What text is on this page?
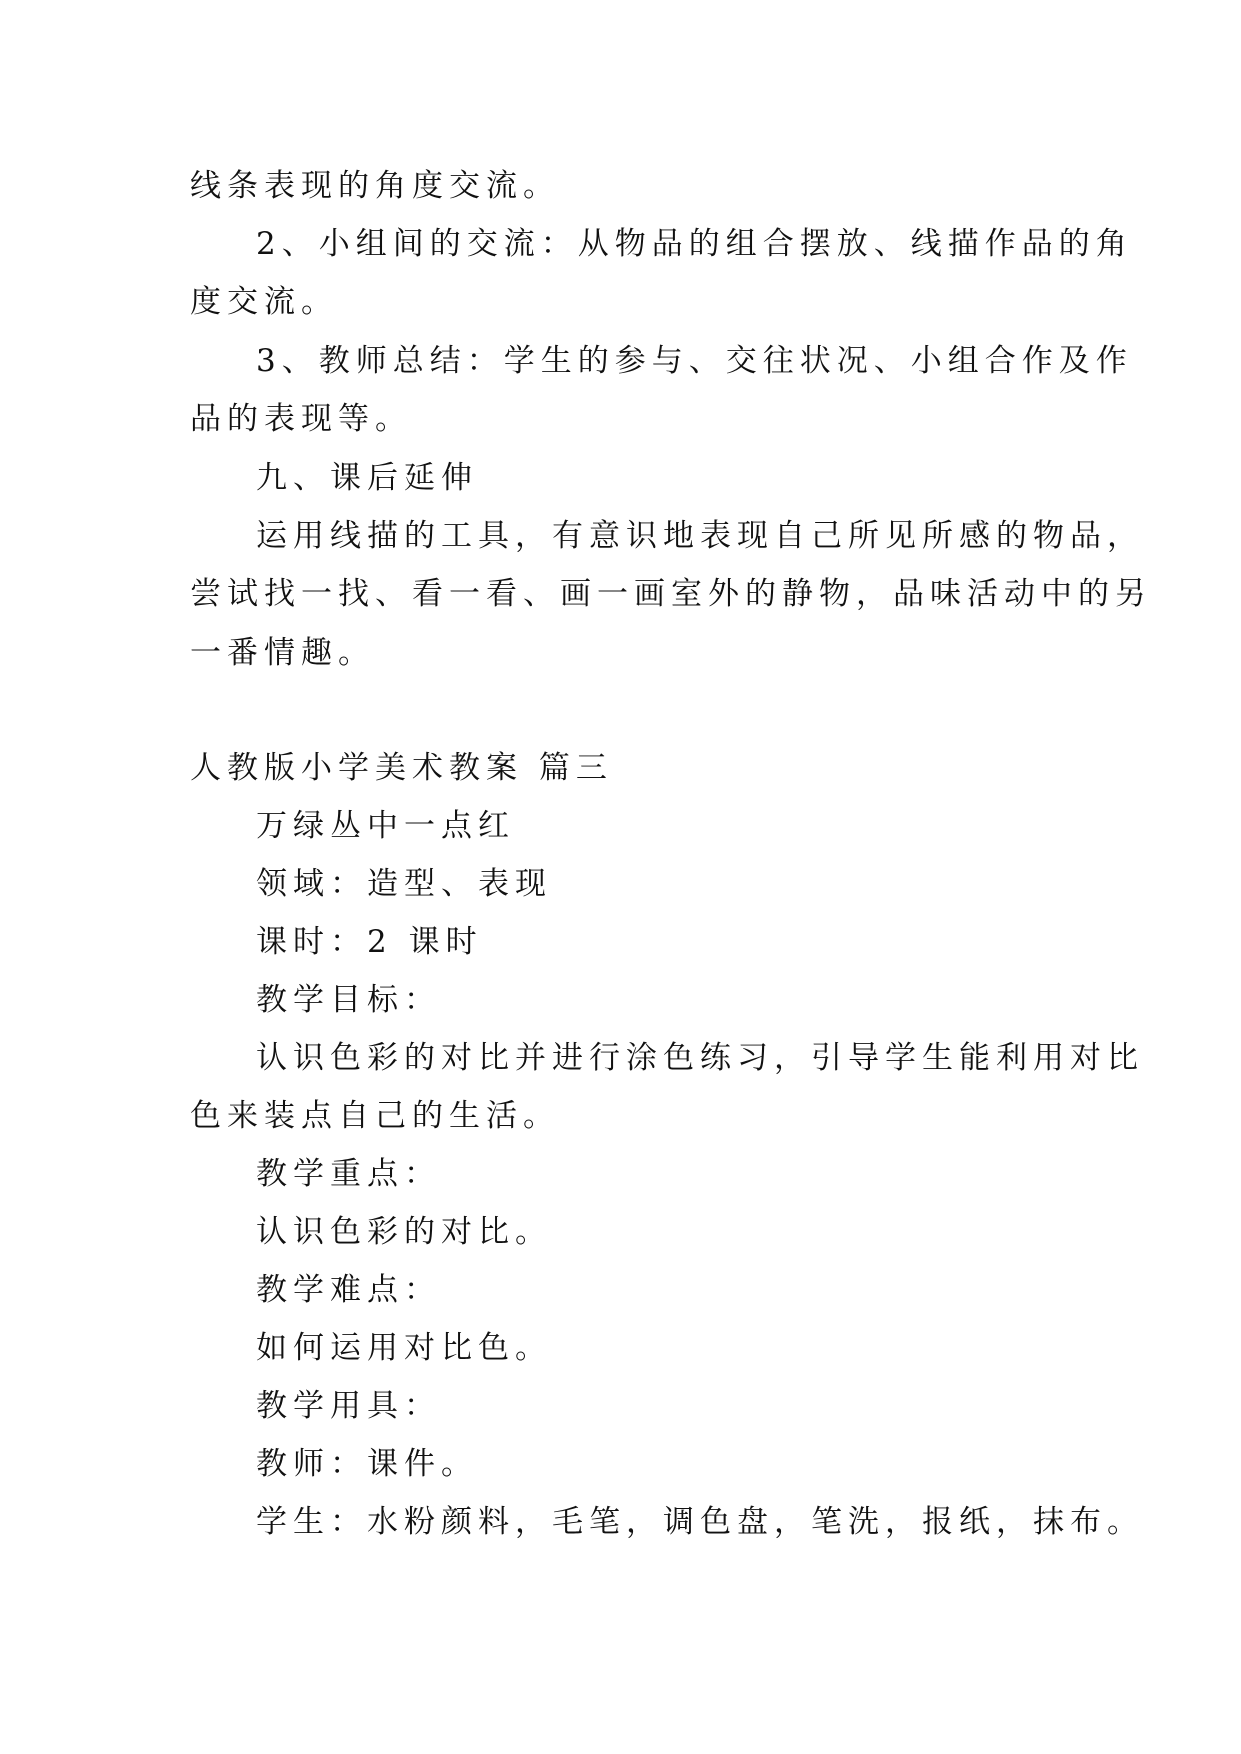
线条表现的角度交流。
2、小组间的交流：从物品的组合摆放、线描作品的角
度交流。
3、教师总结：学生的参与、交往状况、小组合作及作
品的表现等。
九、课后延伸
运用线描的工具，有意识地表现自己所见所感的物品，
尝试找一找、看一看、画一画室外的静物，品味活动中的另
一番情趣。
人教版小学美术教案 篇三
万绿丛中一点红
领域：造型、表现
课时：2 课时
教学目标：
认识色彩的对比并进行涂色练习，引导学生能利用对比
色来装点自己的生活。
教学重点：
认识色彩的对比。
教学难点：
如何运用对比色。
教学用具：
教师：课件。
学生：水粉颜料，毛笔，调色盘，笔洗，报纸，抹布。
